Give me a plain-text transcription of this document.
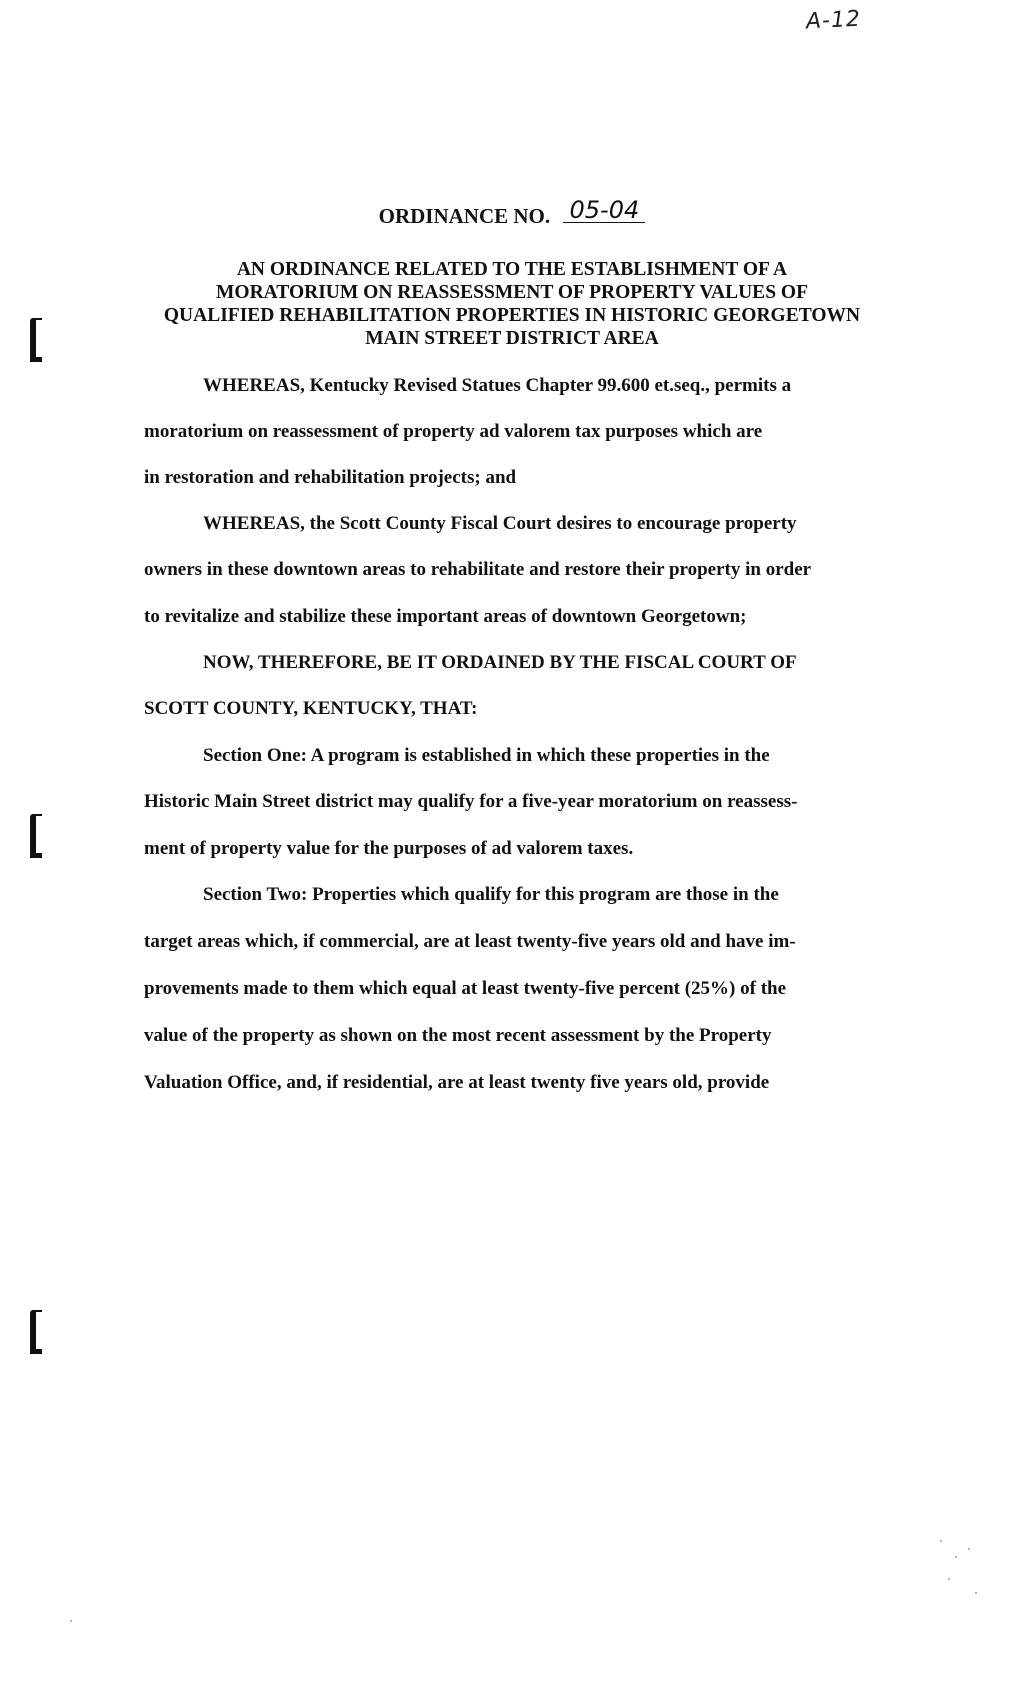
A-12
ORDINANCE NO. 05-04
AN ORDINANCE RELATED TO THE ESTABLISHMENT OF A
MORATORIUM ON REASSESSMENT OF PROPERTY VALUES OF
QUALIFIED REHABILITATION PROPERTIES IN HISTORIC GEORGETOWN
MAIN STREET DISTRICT AREA
WHEREAS, Kentucky Revised Statues Chapter 99.600 et.seq., permits a
moratorium on reassessment of property ad valorem tax purposes which are
in restoration and rehabilitation projects; and
WHEREAS, the Scott County Fiscal Court desires to encourage property
owners in these downtown areas to rehabilitate and restore their property in order
to revitalize and stabilize these important areas of downtown Georgetown;
NOW, THEREFORE, BE IT ORDAINED BY THE FISCAL COURT OF
SCOTT COUNTY, KENTUCKY, THAT:
Section One: A program is established in which these properties in the
Historic Main Street district may qualify for a five-year moratorium on reassess-
ment of property value for the purposes of ad valorem taxes.
Section Two: Properties which qualify for this program are those in the
target areas which, if commercial, are at least twenty-five years old and have im-
provements made to them which equal at least twenty-five percent (25%) of the
value of the property as shown on the most recent assessment by the Property
Valuation Office, and, if residential, are at least twenty five years old, provide
